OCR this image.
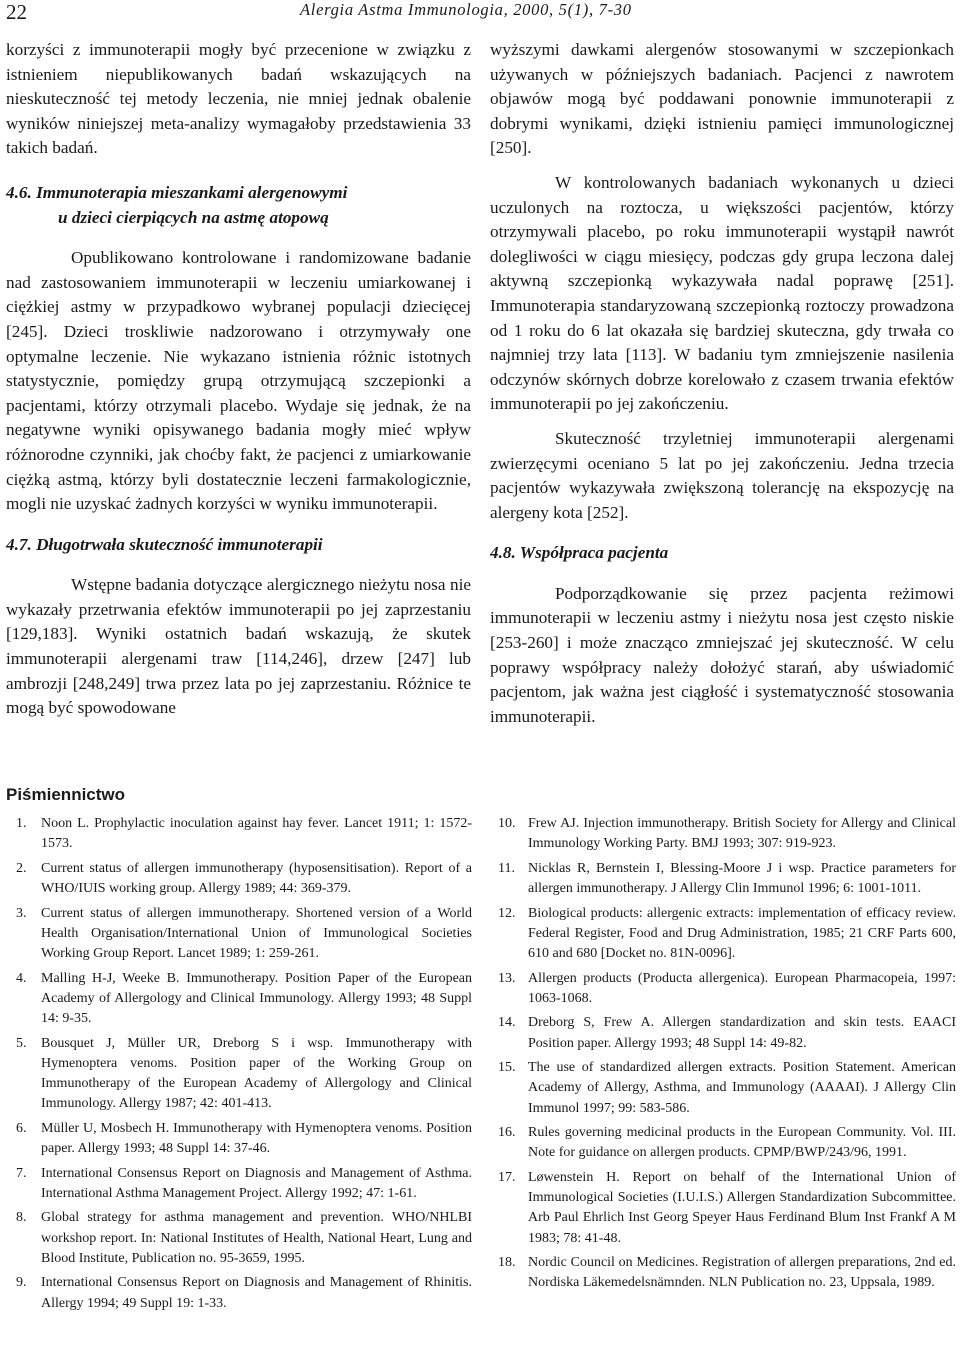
22	Alergia Astma Immunologia, 2000, 5(1), 7-30

korzyści z immunoterapii mogły być przecenione w związku z istnieniem niepublikowanych badań wskazujących na nieskuteczność tej metody leczenia, nie mniej jednak obalenie wyników niniejszej meta-analizy wymagałoby przedstawienia 33 takich badań.

4.6. Immunoterapia mieszankami alergenowymi
u dzieci cierpiących na astmę atopową

Opublikowano kontrolowane i randomizowane badanie nad zastosowaniem immunoterapii w leczeniu umiarkowanej i ciężkiej astmy w przypadkowo wybranej populacji dziecięcej [245]. Dzieci troskliwie nadzorowano i otrzymywały one optymalne leczenie. Nie wykazano istnienia różnic istotnych statystycznie, pomiędzy grupą otrzymującą szczepionki a pacjentami, którzy otrzymali placebo. Wydaje się jednak, że na negatywne wyniki opisywanego badania mogły mieć wpływ różnorodne czynniki, jak choćby fakt, że pacjenci z umiarkowanie ciężką astmą, którzy byli dostatecznie leczeni farmakologicznie, mogli nie uzyskać żadnych korzyści w wyniku immunoterapii.

4.7. Długotrwała skuteczność immunoterapii

Wstępne badania dotyczące alergicznego nieżytu nosa nie wykazały przetrwania efektów immunoterapii po jej zaprzestaniu [129,183]. Wyniki ostatnich badań wskazują, że skutek immunoterapii alergenami traw [114,246], drzew [247] lub ambrozji [248,249] trwa przez lata po jej zaprzestaniu. Różnice te mogą być spowodowane

wyższymi dawkami alergenów stosowanymi w szczepionkach używanych w późniejszych badaniach. Pacjenci z nawrotem objawów mogą być poddawani ponownie immunoterapii z dobrymi wynikami, dzięki istnieniu pamięci immunologicznej [250].

W kontrolowanych badaniach wykonanych u dzieci uczulonych na roztocza, u większości pacjentów, którzy otrzymywali placebo, po roku immunoterapii wystąpił nawrót dolegliwości w ciągu miesięcy, podczas gdy grupa leczona dalej aktywną szczepionką wykazywała nadal poprawę [251]. Immunoterapia standaryzowaną szczepionką roztoczy prowadzona od 1 roku do 6 lat okazała się bardziej skuteczna, gdy trwała co najmniej trzy lata [113]. W badaniu tym zmniejszenie nasilenia odczynów skórnych dobrze korelowało z czasem trwania efektów immunoterapii po jej zakończeniu.

Skuteczność trzyletniej immunoterapii alergenami zwierzęcymi oceniano 5 lat po jej zakończeniu. Jedna trzecia pacjentów wykazywała zwiększoną tolerancję na ekspozycję na alergeny kota [252].

4.8. Współpraca pacjenta

Podporządkowanie się przez pacjenta reżimowi immunoterapii w leczeniu astmy i nieżytu nosa jest często niskie [253-260] i może znacząco zmniejszać jej skuteczność. W celu poprawy współpracy należy dołożyć starań, aby uświadomić pacjentom, jak ważna jest ciągłość i systematyczność stosowania immunoterapii.

Piśmiennictwo
1. Noon L. Prophylactic inoculation against hay fever. Lancet 1911; 1: 1572-1573.
2. Current status of allergen immunotherapy (hyposensitisation). Report of a WHO/IUIS working group. Allergy 1989; 44: 369-379.
3. Current status of allergen immunotherapy. Shortened version of a World Health Organisation/International Union of Immunological Societies Working Group Report. Lancet 1989; 1: 259-261.
4. Malling H-J, Weeke B. Immunotherapy. Position Paper of the European Academy of Allergology and Clinical Immunology. Allergy 1993; 48 Suppl 14: 9-35.
5. Bousquet J, Müller UR, Dreborg S i wsp. Immunotherapy with Hymenoptera venoms. Position paper of the Working Group on Immunotherapy of the European Academy of Allergology and Clinical Immunology. Allergy 1987; 42: 401-413.
6. Müller U, Mosbech H. Immunotherapy with Hymenoptera venoms. Position paper. Allergy 1993; 48 Suppl 14: 37-46.
7. International Consensus Report on Diagnosis and Management of Asthma. International Asthma Management Project. Allergy 1992; 47: 1-61.
8. Global strategy for asthma management and prevention. WHO/NHLBI workshop report. In: National Institutes of Health, National Heart, Lung and Blood Institute, Publication no. 95-3659, 1995.
9. International Consensus Report on Diagnosis and Management of Rhinitis. Allergy 1994; 49 Suppl 19: 1-33.
10. Frew AJ. Injection immunotherapy. British Society for Allergy and Clinical Immunology Working Party. BMJ 1993; 307: 919-923.
11. Nicklas R, Bernstein I, Blessing-Moore J i wsp. Practice parameters for allergen immunotherapy. J Allergy Clin Immunol 1996; 6: 1001-1011.
12. Biological products: allergenic extracts: implementation of efficacy review. Federal Register, Food and Drug Administration, 1985; 21 CRF Parts 600, 610 and 680 [Docket no. 81N-0096].
13. Allergen products (Producta allergenica). European Pharmacopeia, 1997: 1063-1068.
14. Dreborg S, Frew A. Allergen standardization and skin tests. EAACI Position paper. Allergy 1993; 48 Suppl 14: 49-82.
15. The use of standardized allergen extracts. Position Statement. American Academy of Allergy, Asthma, and Immunology (AAAAI). J Allergy Clin Immunol 1997; 99: 583-586.
16. Rules governing medicinal products in the European Community. Vol. III. Note for guidance on allergen products. CPMP/BWP/243/96, 1991.
17. Løwenstein H. Report on behalf of the International Union of Immunological Societies (I.U.I.S.) Allergen Standardization Subcommittee. Arb Paul Ehrlich Inst Georg Speyer Haus Ferdinand Blum Inst Frankf A M 1983; 78: 41-48.
18. Nordic Council on Medicines. Registration of allergen preparations, 2nd ed. Nordiska Läkemedelsnämnden. NLN Publication no. 23, Uppsala, 1989.
